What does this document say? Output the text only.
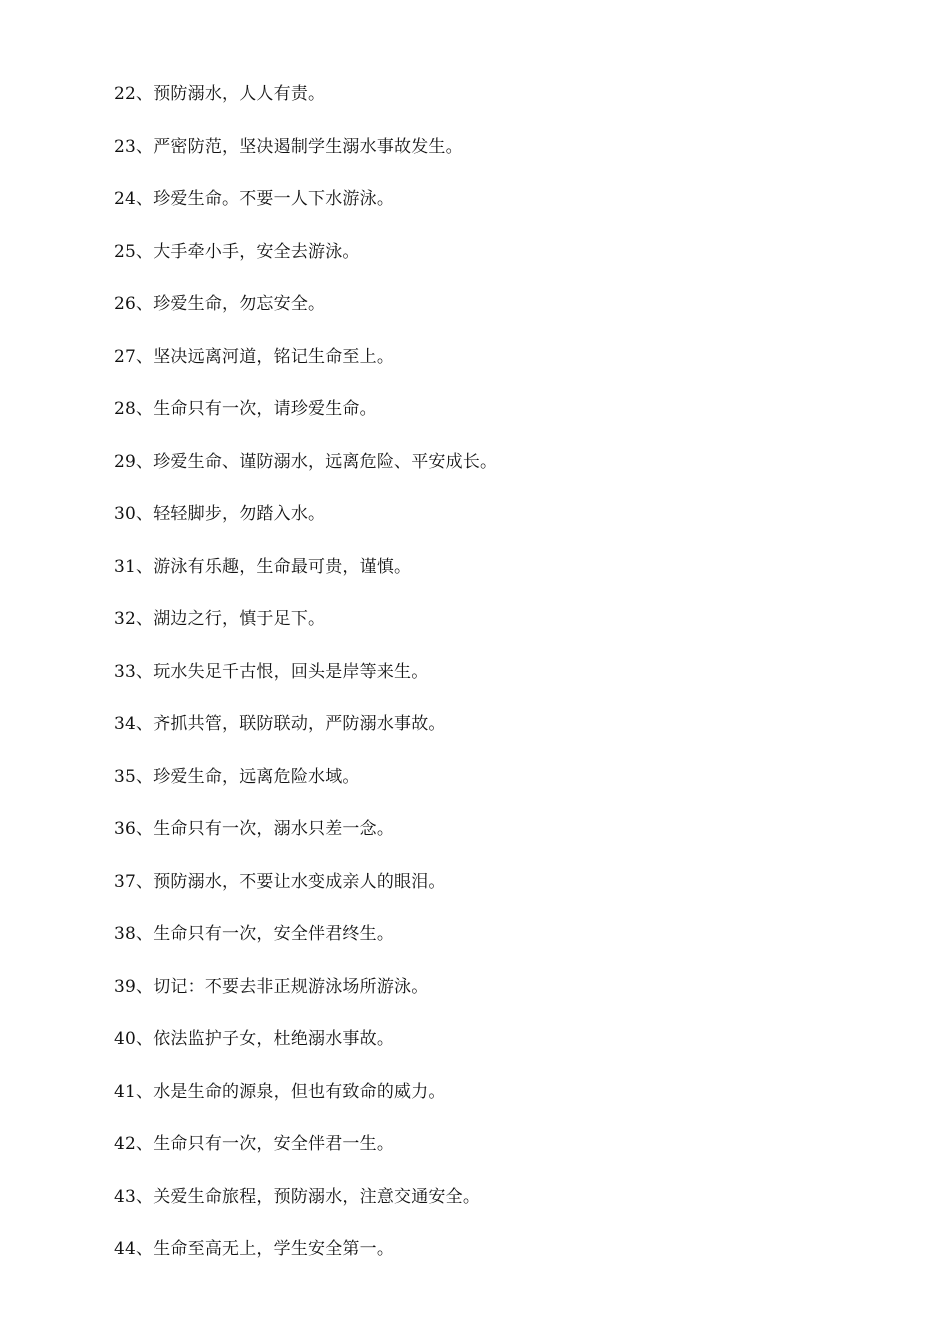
22、预防溺水，人人有责。
23、严密防范，坚决遏制学生溺水事故发生。
24、珍爱生命。不要一人下水游泳。
25、大手牵小手，安全去游泳。
26、珍爱生命，勿忘安全。
27、坚决远离河道，铭记生命至上。
28、生命只有一次，请珍爱生命。
29、珍爱生命、谨防溺水，远离危险、平安成长。
30、轻轻脚步，勿踏入水。
31、游泳有乐趣，生命最可贵，谨慎。
32、湖边之行，慎于足下。
33、玩水失足千古恨，回头是岸等来生。
34、齐抓共管，联防联动，严防溺水事故。
35、珍爱生命，远离危险水域。
36、生命只有一次，溺水只差一念。
37、预防溺水，不要让水变成亲人的眼泪。
38、生命只有一次，安全伴君终生。
39、切记：不要去非正规游泳场所游泳。
40、依法监护子女，杜绝溺水事故。
41、水是生命的源泉，但也有致命的威力。
42、生命只有一次，安全伴君一生。
43、关爱生命旅程，预防溺水，注意交通安全。
44、生命至高无上，学生安全第一。
